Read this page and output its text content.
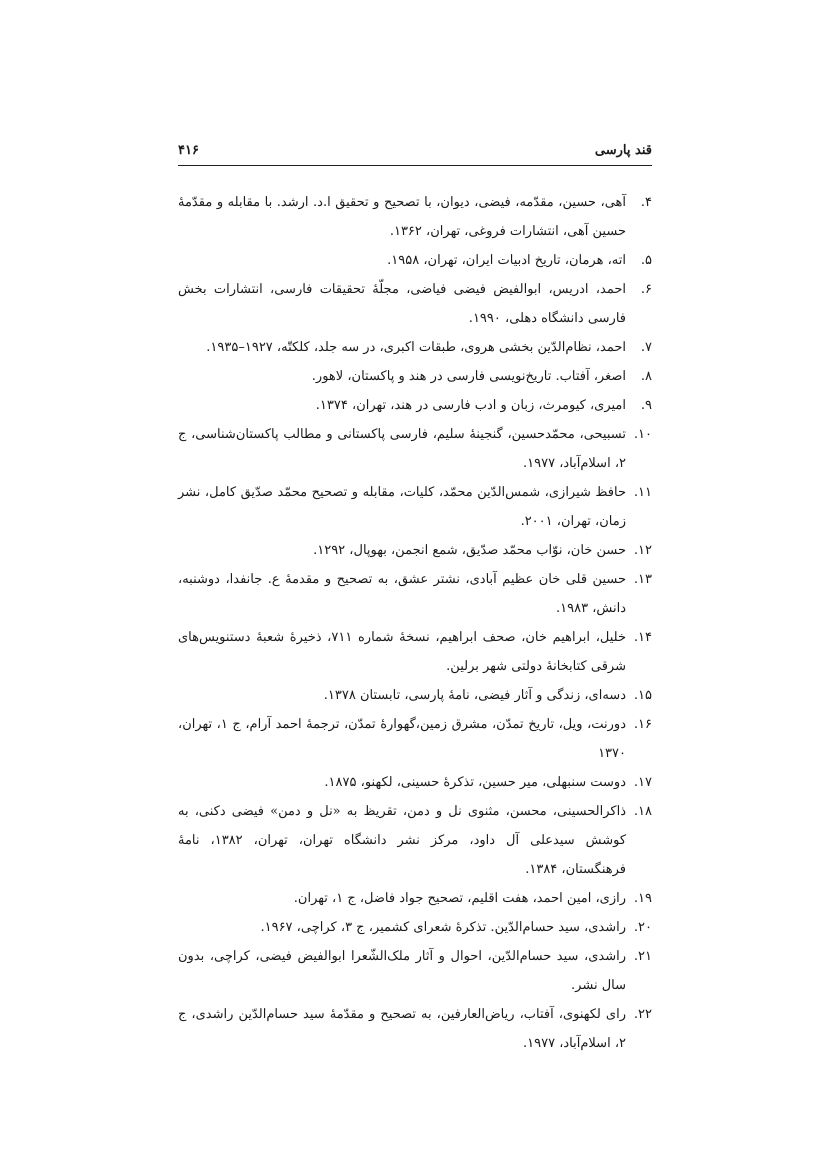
قند پارسی
۴۱۶
۴.
آهی، حسین، مقدّمه، فیضی، دیوان، با تصحیح و تحقیق ا.د. ارشد. با مقابله و مقدّمهٔ حسین آهی، انتشارات فروغی، تهران، ۱۳۶۲.
۵.
اته، هرمان، تاریخ ادبیات ایران، تهران، ۱۹۵۸.
۶.
احمد، ادریس، ابوالفیض فیضی فیاضی، مجلّهٔ تحقیقات فارسی، انتشارات بخش فارسی دانشگاه دهلی، ۱۹۹۰.
۷.
احمد، نظام‌الدّین بخشی هروی، طبقات اکبری، در سه جلد، کلکتّه، ۱۹۲۷–۱۹۳۵.
۸.
اصغر، آفتاب. تاریخ‌نویسی فارسی در هند و پاکستان، لاهور.
۹.
امیری، کیومرث، زبان و ادب فارسی در هند، تهران، ۱۳۷۴.
۱۰.
تسبیحی، محمّدحسین، گنجینهٔ سلیم، فارسی پاکستانی و مطالب پاکستان‌شناسی، ج ۲، اسلام‌آباد، ۱۹۷۷.
۱۱.
حافظ شیرازی، شمس‌الدّین محمّد، کلیات، مقابله و تصحیح محمّد صدّیق کامل، نشر زمان، تهران، ۲۰۰۱.
۱۲.
حسن خان، نوّاب محمّد صدّیق، شمع انجمن، بهوپال، ۱۲۹۲.
۱۳.
حسین قلی خان عظیم آبادی، نشتر عشق، به تصحیح و مقدمهٔ ع. جانفدا، دوشنبه، دانش، ۱۹۸۳.
۱۴.
خلیل، ابراهیم خان، صحف ابراهیم، نسخهٔ شماره ۷۱۱، ذخیرهٔ شعبهٔ دستنویس‌های شرقی کتابخانهٔ دولتی شهر برلین.
۱۵.
دسه‌ای، زندگی و آثار فیضی، نامهٔ پارسی، تابستان ۱۳۷۸.
۱۶.
دورنت، ویل، تاریخ تمدّن، مشرق زمین،گهوارهٔ تمدّن، ترجمهٔ احمد آرام، ج ۱، تهران، ۱۳۷۰
۱۷.
دوست سنبهلی، میر حسین، تذکرهٔ حسینی، لکهنو، ۱۸۷۵.
۱۸.
ذاکرالحسینی، محسن، مثنوی نل و دمن، تقریظ به «نل و دمن» فیضی دکنی، به کوشش سیدعلی آل داود، مرکز نشر دانشگاه تهران، تهران، ۱۳۸۲، نامهٔ فرهنگستان، ۱۳۸۴.
۱۹.
رازی، امین احمد، هفت اقلیم، تصحیح جواد فاضل، ج ۱، تهران.
۲۰.
راشدی، سید حسام‌الدّین. تذکرهٔ شعرای کشمیر، ج ۳، کراچی، ۱۹۶۷.
۲۱.
راشدی، سید حسام‌الدّین، احوال و آثار ملک‌الشّعرا ابوالفیض فیضی، کراچی، بدون سال نشر.
۲۲.
رای لکهنوی، آفتاب، ریاض‌العارفین، به تصحیح و مقدّمهٔ سید حسام‌الدّین راشدی، ج ۲، اسلام‌آباد، ۱۹۷۷.
